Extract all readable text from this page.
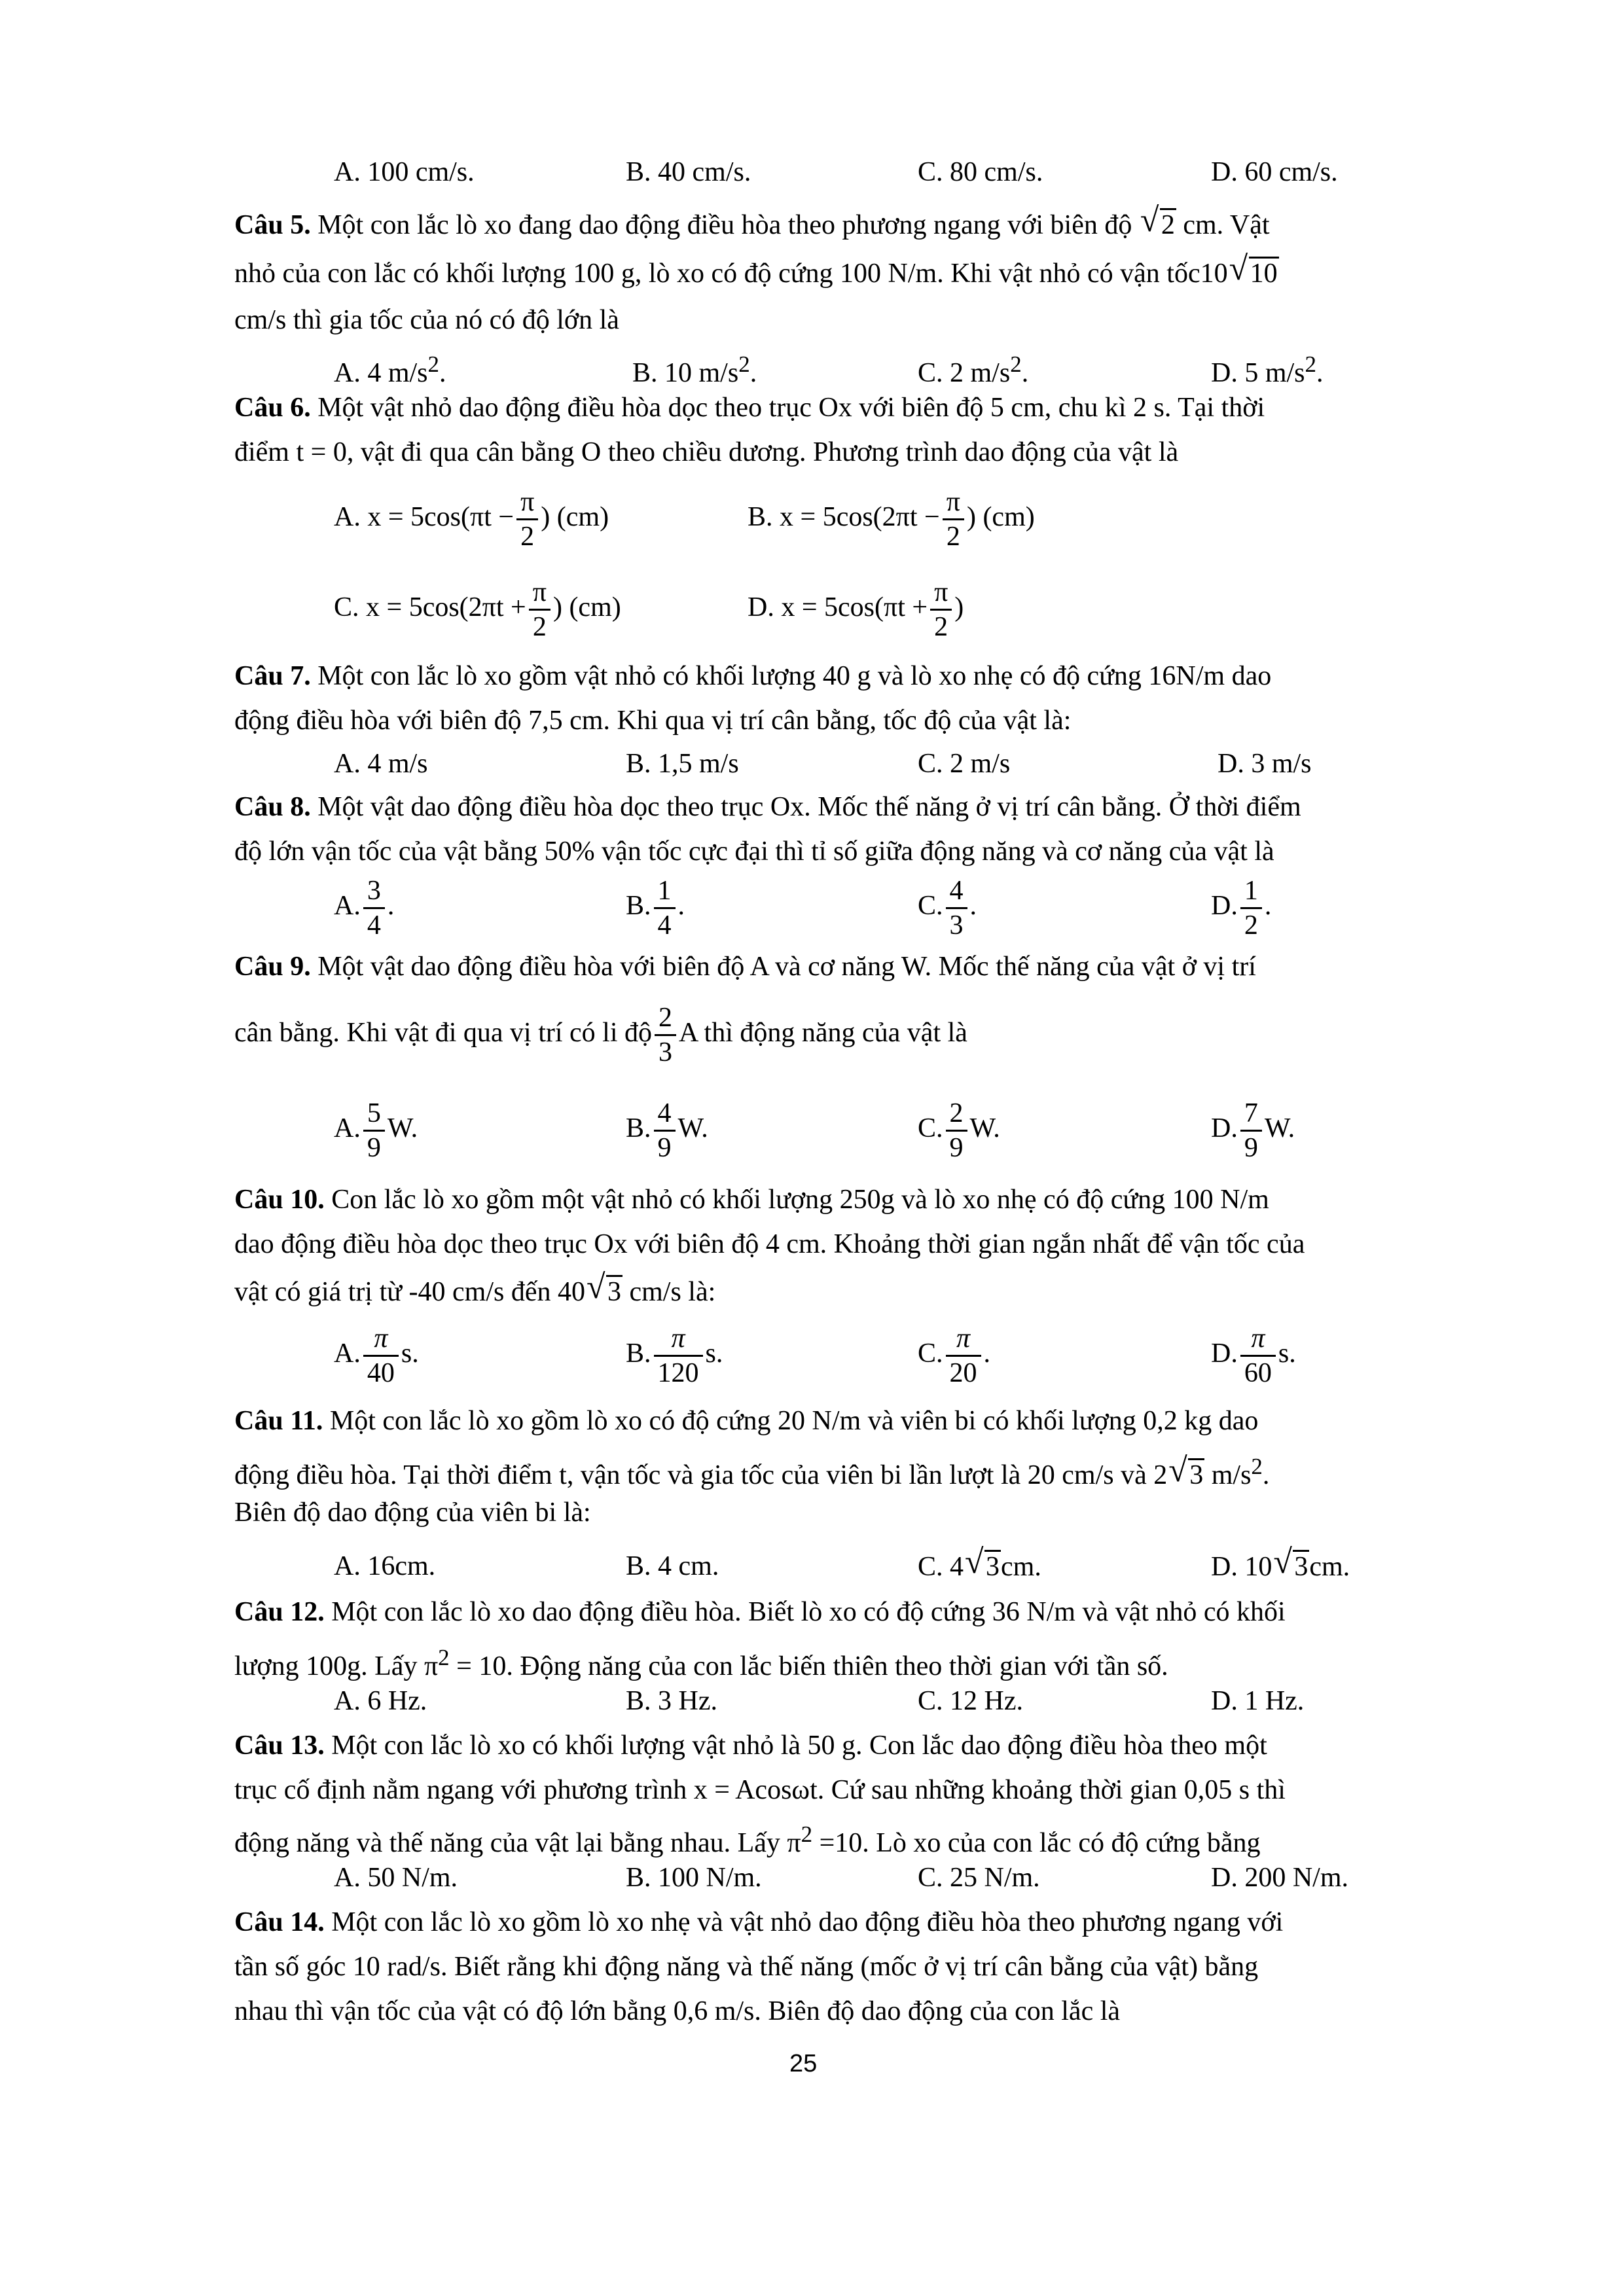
A. 100 cm/s.	B. 40 cm/s.	C. 80 cm/s.	D. 60 cm/s.
Câu 5. Một con lắc lò xo đang dao động điều hòa theo phương ngang với biên độ √ 2 cm. Vật
nhỏ của con lắc có khối lượng 100 g, lò xo có độ cứng 100 N/m. Khi vật nhỏ có vận tốc10 √ 10
cm/s thì gia tốc của nó có độ lớn là
A. 4 $m/s^2$.	B. 10 $m/s^2$.	C. 2 $m/s^2$.	D. 5 $m/s^2$.
Câu 6. Một vật nhỏ dao động điều hòa dọc theo trục Ox với biên độ 5 cm, chu kì 2 s. Tại thời
điểm t = 0, vật đi qua cân bằng O theo chiều dương. Phương trình dao động của vật là
A. $x = 5\cos(\pi t - \frac{\pi}{2}$ ) (cm)	B. $x = 5\cos(2\pi t - \frac{\pi}{2}$ ) (cm)
C. $x = 5\cos(2\pi t + \frac{\pi}{2}$ ) (cm)	D. $x = 5\cos(\pi t + \frac{\pi}{2}$ )
Câu 7. Một con lắc lò xo gồm vật nhỏ có khối lượng 40 g và lò xo nhẹ có độ cứng 16N/m dao
động điều hòa với biên độ 7,5 cm. Khi qua vị trí cân bằng, tốc độ của vật là:
A. 4 m/s	B. 1,5 m/s	C. 2 m/s	D. 3 m/s
Câu 8. Một vật dao động điều hòa dọc theo trục Ox. Mốc thế năng ở vị trí cân bằng. Ở thời điểm
độ lớn vận tốc của vật bằng 50% vận tốc cực đại thì tỉ số giữa động năng và cơ năng của vật là
A. $\frac{3}{4}$ .	B. $\frac{1}{4}$ .	C. $\frac{4}{3}$ .	D. $\frac{1}{2}$ .
Câu 9. Một vật dao động điều hòa với biên độ A và cơ năng W. Mốc thế năng của vật ở vị trí
cân bằng. Khi vật đi qua vị trí có li độ $\frac{2}{3}$ A thì động năng của vật là
A. $\frac{5}{9} W$.	B. $\frac{4}{9} W$.	C. $\frac{2}{9} W$.	D. $\frac{7}{9} W$.
Câu 10. Con lắc lò xo gồm một vật nhỏ có khối lượng 250g và lò xo nhẹ có độ cứng 100 N/m
dao động điều hòa dọc theo trục Ox với biên độ 4 cm. Khoảng thời gian ngắn nhất để vận tốc của
vật có giá trị từ -40 cm/s đến 40 √ 3 cm/s là:
A. $\frac{\pi}{40} s$.	B. $\frac{\pi}{120} s$.	C. $\frac{\pi}{20}$ .	D. $\frac{\pi}{60} s$.
Câu 11. Một con lắc lò xo gồm lò xo có độ cứng 20 N/m và viên bi có khối lượng 0,2 kg dao
động điều hòa. Tại thời điểm t, vận tốc và gia tốc của viên bi lần lượt là 20 cm/s và 2 √ 3 $m/s^2$.
Biên độ dao động của viên bi là:
A. 16cm.	B. 4 cm.	C. 4 √ 3cm.	D. 10 √ 3cm.
Câu 12. Một con lắc lò xo dao động điều hòa. Biết lò xo có độ cứng 36 N/m và vật nhỏ có khối
lượng 100g. Lấy $\pi^2 = 10$. Động năng của con lắc biến thiên theo thời gian với tần số.
A. 6 Hz.	B. 3 Hz.	C. 12 Hz.	D. 1 Hz.
Câu 13. Một con lắc lò xo có khối lượng vật nhỏ là 50 g. Con lắc dao động điều hòa theo một
trục cố định nằm ngang với phương trình x = Acosωt. Cứ sau những khoảng thời gian 0,05 s thì
động năng và thế năng của vật lại bằng nhau. Lấy $\pi^2 =10$. Lò xo của con lắc có độ cứng bằng
A. 50 N/m.	B. 100 N/m.	C. 25 N/m.	D. 200 N/m.
Câu 14. Một con lắc lò xo gồm lò xo nhẹ và vật nhỏ dao động điều hòa theo phương ngang với
tần số góc 10 rad/s. Biết rằng khi động năng và thế năng (mốc ở vị trí cân bằng của vật) bằng
nhau thì vận tốc của vật có độ lớn bằng 0,6 m/s. Biên độ dao động của con lắc là
25
